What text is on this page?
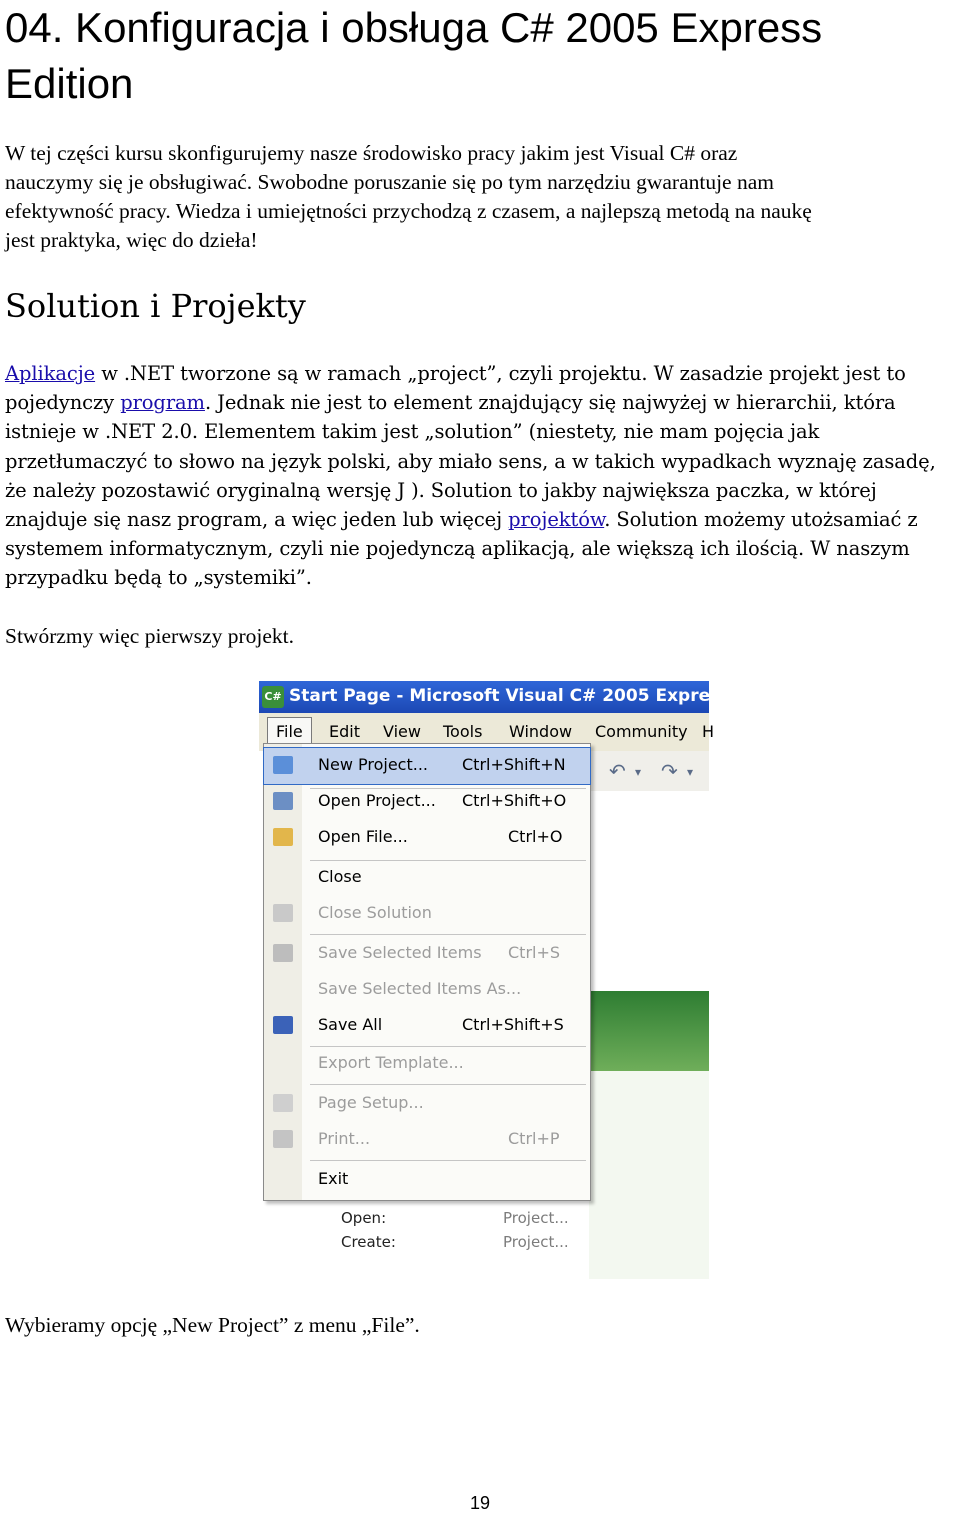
04. Konfiguracja i obsługa C# 2005 Express
Edition

W tej części kursu skonfigurujemy nasze środowisko pracy jakim jest Visual C# oraz
nauczymy się je obsługiwać. Swobodne poruszanie się po tym narzędziu gwarantuje nam
efektywność pracy. Wiedza i umiejętności przychodzą z czasem, a najlepszą metodą na naukę
jest praktyka, więc do dzieła!

Solution i Projekty

Aplikacje w .NET tworzone są w ramach „project”, czyli projektu. W zasadzie projekt jest to pojedynczy program. Jednak nie jest to element znajdujący się najwyżej w hierarchii, która istnieje w .NET 2.0. Elementem takim jest „solution” (niestety, nie mam pojęcia jak przetłumaczyć to słowo na język polski, aby miało sens, a w takich wypadkach wyznaję zasadę, że należy pozostawić oryginalną wersję J ). Solution to jakby największa paczka, w której znajduje się nasz program, a więc jeden lub więcej projektów. Solution możemy utożsamiać z systemem informatycznym, czyli nie pojedynczą aplikacją, ale większą ich ilością. W naszym przypadku będą to „systemiki”.

Stwórzmy więc pierwszy projekt.

C# Start Page - Microsoft Visual C# 2005 Express E
File	Edit View Tools Window Community H
↶ ▾ ↷ ▾
Open:	Project...
Create:	Project...
New Project... Ctrl+Shift+N
Open Project... Ctrl+Shift+O
Open File...	Ctrl+O
Close
Close Solution
Save Selected Items Ctrl+S
Save Selected Items As...
Save All	Ctrl+Shift+S
Export Template...
Page Setup...
Print...	Ctrl+P
Exit

Wybieramy opcję „New Project” z menu „File”.

19
